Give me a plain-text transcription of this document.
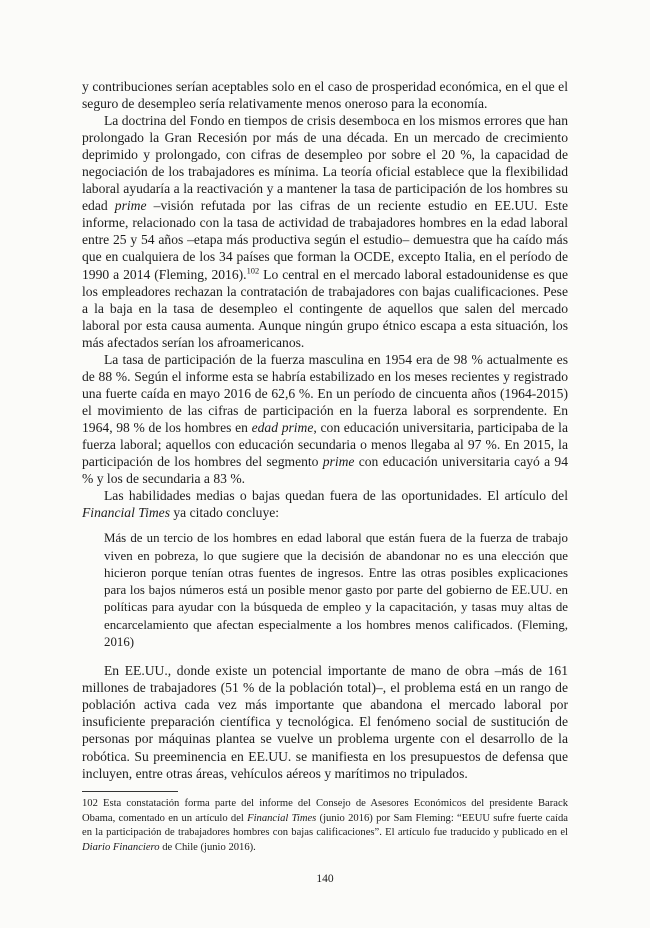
y contribuciones serían aceptables solo en el caso de prosperidad económica, en el que el seguro de desempleo sería relativamente menos oneroso para la economía.

La doctrina del Fondo en tiempos de crisis desemboca en los mismos errores que han prolongado la Gran Recesión por más de una década. En un mercado de crecimiento deprimido y prolongado, con cifras de desempleo por sobre el 20 %, la capacidad de negociación de los trabajadores es mínima. La teoría oficial establece que la flexibilidad laboral ayudaría a la reactivación y a mantener la tasa de participación de los hombres su edad prime –visión refutada por las cifras de un reciente estudio en EE.UU. Este informe, relacionado con la tasa de actividad de trabajadores hombres en la edad laboral entre 25 y 54 años –etapa más productiva según el estudio– demuestra que ha caído más que en cualquiera de los 34 países que forman la OCDE, excepto Italia, en el período de 1990 a 2014 (Fleming, 2016).$^{102}$ Lo central en el mercado laboral estadounidense es que los empleadores rechazan la contratación de trabajadores con bajas cualificaciones. Pese a la baja en la tasa de desempleo el contingente de aquellos que salen del mercado laboral por esta causa aumenta. Aunque ningún grupo étnico escapa a esta situación, los más afectados serían los afroamericanos.

La tasa de participación de la fuerza masculina en 1954 era de 98 % actualmente es de 88 %. Según el informe esta se habría estabilizado en los meses recientes y registrado una fuerte caída en mayo 2016 de 62,6 %. En un período de cincuenta años (1964-2015) el movimiento de las cifras de participación en la fuerza laboral es sorprendente. En 1964, 98 % de los hombres en edad prime, con educación universitaria, participaba de la fuerza laboral; aquellos con educación secundaria o menos llegaba al 97 %. En 2015, la participación de los hombres del segmento prime con educación universitaria cayó a 94 % y los de secundaria a 83 %.

Las habilidades medias o bajas quedan fuera de las oportunidades. El artículo del Financial Times ya citado concluye:

Más de un tercio de los hombres en edad laboral que están fuera de la fuerza de trabajo viven en pobreza, lo que sugiere que la decisión de abandonar no es una elección que hicieron porque tenían otras fuentes de ingresos. Entre las otras posibles explicaciones para los bajos números está un posible menor gasto por parte del gobierno de EE.UU. en políticas para ayudar con la búsqueda de empleo y la capacitación, y tasas muy altas de encarcelamiento que afectan especialmente a los hombres menos calificados. (Fleming, 2016)

En EE.UU., donde existe un potencial importante de mano de obra –más de 161 millones de trabajadores (51 % de la población total)–, el problema está en un rango de población activa cada vez más importante que abandona el mercado laboral por insuficiente preparación científica y tecnológica. El fenómeno social de sustitución de personas por máquinas plantea se vuelve un problema urgente con el desarrollo de la robótica. Su preeminencia en EE.UU. se manifiesta en los presupuestos de defensa que incluyen, entre otras áreas, vehículos aéreos y marítimos no tripulados.

102 Esta constatación forma parte del informe del Consejo de Asesores Económicos del presidente Barack Obama, comentado en un artículo del Financial Times (junio 2016) por Sam Fleming: “EEUU sufre fuerte caída en la participación de trabajadores hombres con bajas calificaciones”. El artículo fue traducido y publicado en el Diario Financiero de Chile (junio 2016).

140
